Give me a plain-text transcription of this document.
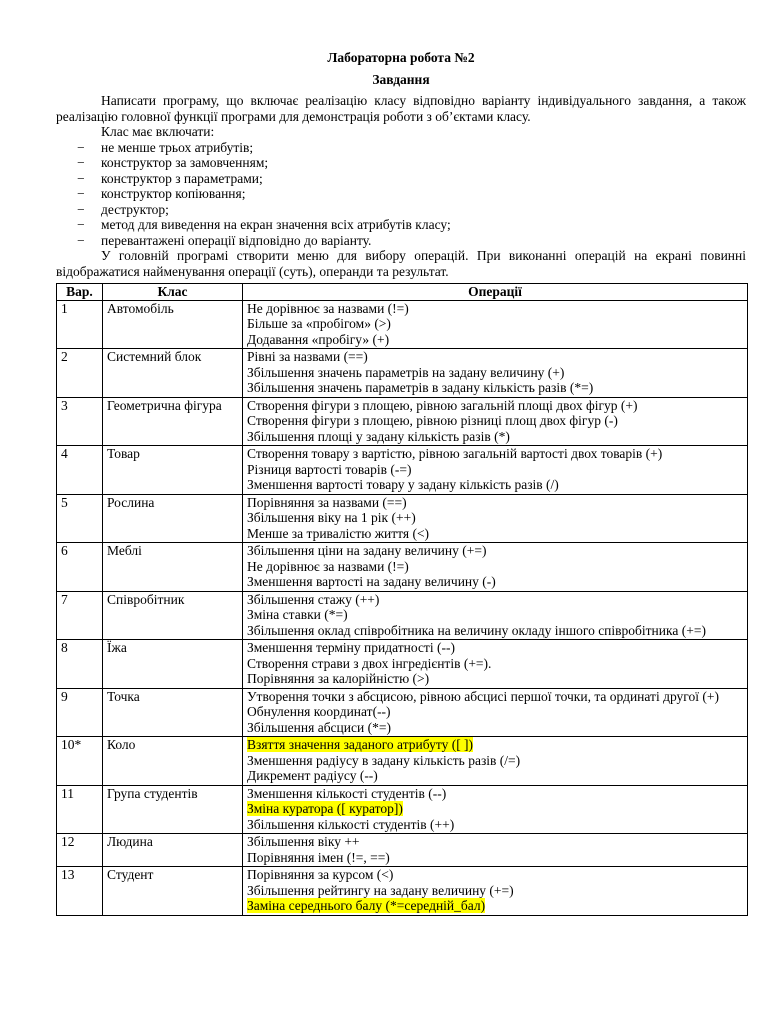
Лабораторна робота №2

Завдання

Написати програму, що включає реалізацію класу відповідно варіанту індивідуального завдання, а також реалізацію головної функції програми для демонстрація роботи з об’єктами класу.

Клас має включати:

− не менше трьох атрибутів;
− конструктор за замовченням;
− конструктор з параметрами;
− конструктор копіювання;
− деструктор;
− метод для виведення на екран значення всіх атрибутів класу;
− перевантажені операції відповідно до варіанту.

У головній програмі створити меню для вибору операцій. При виконанні операцій на екрані повинні відображатися найменування операції (суть), операнди та результат.

Вар.	Клас	Операції
1	Автомобіль	Не дорівнює за назвами (!=)
Більше за «пробігом» (>)
Додавання «пробігу» (+)

2	Системний блок	Рівні за назвами (==)
Збільшення значень параметрів на задану величину (+)
Збільшення значень параметрів в задану кількість разів (*=)

3	Геометрична фігура	Створення фігури з площею, рівною загальній площі двох фігур (+)
Створення фігури з площею, рівною різниці площ двох фігур (-)
Збільшення площі у задану кількість разів (*)

4	Товар	Створення товару з вартістю, рівною загальній вартості двох товарів (+)
Різниця вартості товарів (-=)
Зменшення вартості товару у задану кількість разів (/)

5	Рослина	Порівняння за назвами (==)
Збільшення віку на 1 рік (++)
Менше за тривалістю життя (<)

6	Меблі	Збільшення ціни на задану величину (+=)
Не дорівнює за назвами (!=)
Зменшення вартості на задану величину (-)

7	Співробітник	Збільшення стажу (++)
Зміна ставки (*=)
Збільшення оклад співробітника на величину окладу іншого співробітника (+=)

8	Їжа	Зменшення терміну придатності (--)
Створення страви з двох інгредієнтів (+=).
Порівняння за калорійністю (>)

9	Точка	Утворення точки з абсцисою, рівною абсцисі першої точки, та ординаті другої (+)
Обнулення координат(--)
Збільшення абсциси (*=)

10*	Коло	Взяття значення заданого атрибуту ([ ])
Зменшення радіусу в задану кількість разів (/=)
Дикремент радіусу (--)

11	Група студентів	Зменшення кількості студентів (--)
Зміна куратора ([ куратор])
Збільшення кількості студентів (++)

12	Людина	Збільшення віку ++
Порівняння імен (!=, ==)

13	Студент	Порівняння за курсом (<)
Збільшення рейтингу на задану величину (+=)
Заміна середнього балу (*=середній_бал)
